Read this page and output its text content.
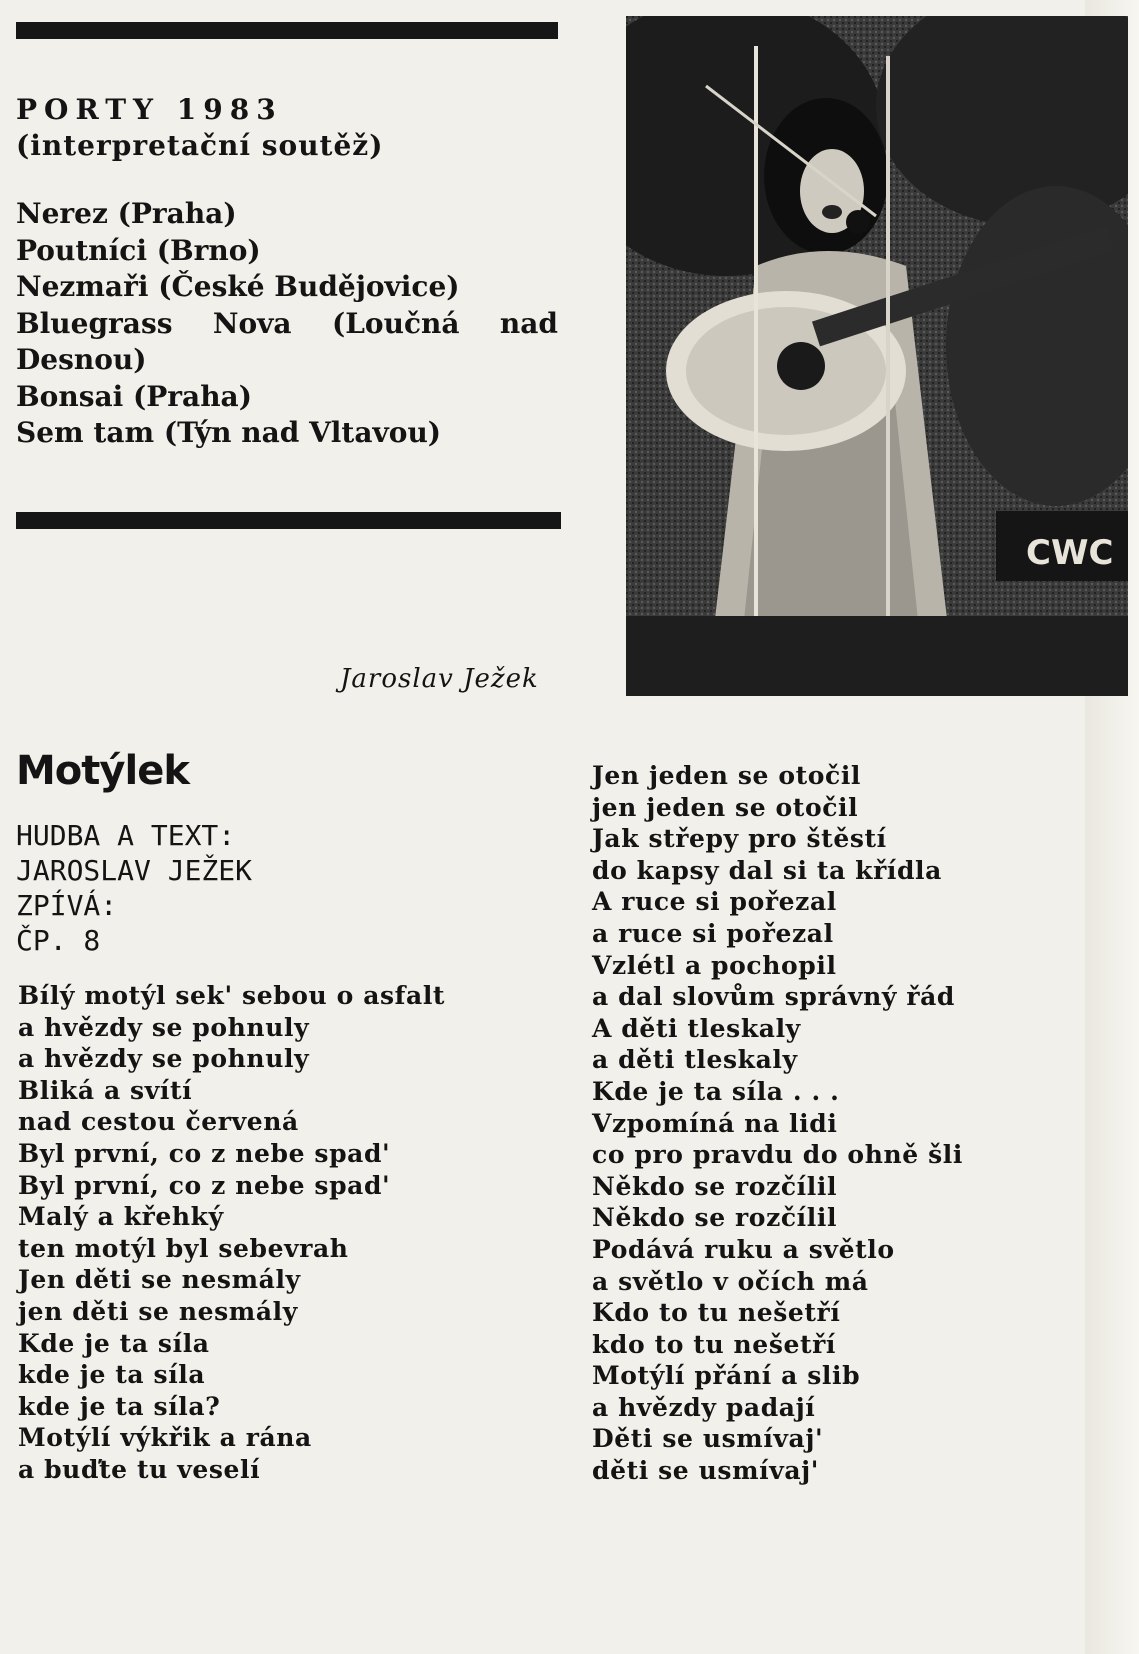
PORTY 1983
(interpretační soutěž)
Nerez (Praha)
Poutníci (Brno)
Nezmaři (České Budějovice)
Bluegrass Nova (Loučná nad
Desnou)
Bonsai (Praha)
Sem tam (Týn nad Vltavou)
Jaroslav Ježek
CWC
Motýlek
HUDBA A TEXT:
JAROSLAV JEŽEK
ZPÍVÁ:
ČP. 8
Bílý motýl sek' sebou o asfalt
a hvězdy se pohnuly
a hvězdy se pohnuly
Bliká a svítí
nad cestou červená
Byl první, co z nebe spad'
Byl první, co z nebe spad'
Malý a křehký
ten motýl byl sebevrah
Jen děti se nesmály
jen děti se nesmály
Kde je ta síla
kde je ta síla
kde je ta síla?
Motýlí výkřik a rána
a buďte tu veselí
Jen jeden se otočil
jen jeden se otočil
Jak střepy pro štěstí
do kapsy dal si ta křídla
A ruce si pořezal
a ruce si pořezal
Vzlétl a pochopil
a dal slovům správný řád
A děti tleskaly
a děti tleskaly
Kde je ta síla . . .
Vzpomíná na lidi
co pro pravdu do ohně šli
Někdo se rozčílil
Někdo se rozčílil
Podává ruku a světlo
a světlo v očích má
Kdo to tu nešetří
kdo to tu nešetří
Motýlí přání a slib
a hvězdy padají
Děti se usmívaj'
děti se usmívaj'
